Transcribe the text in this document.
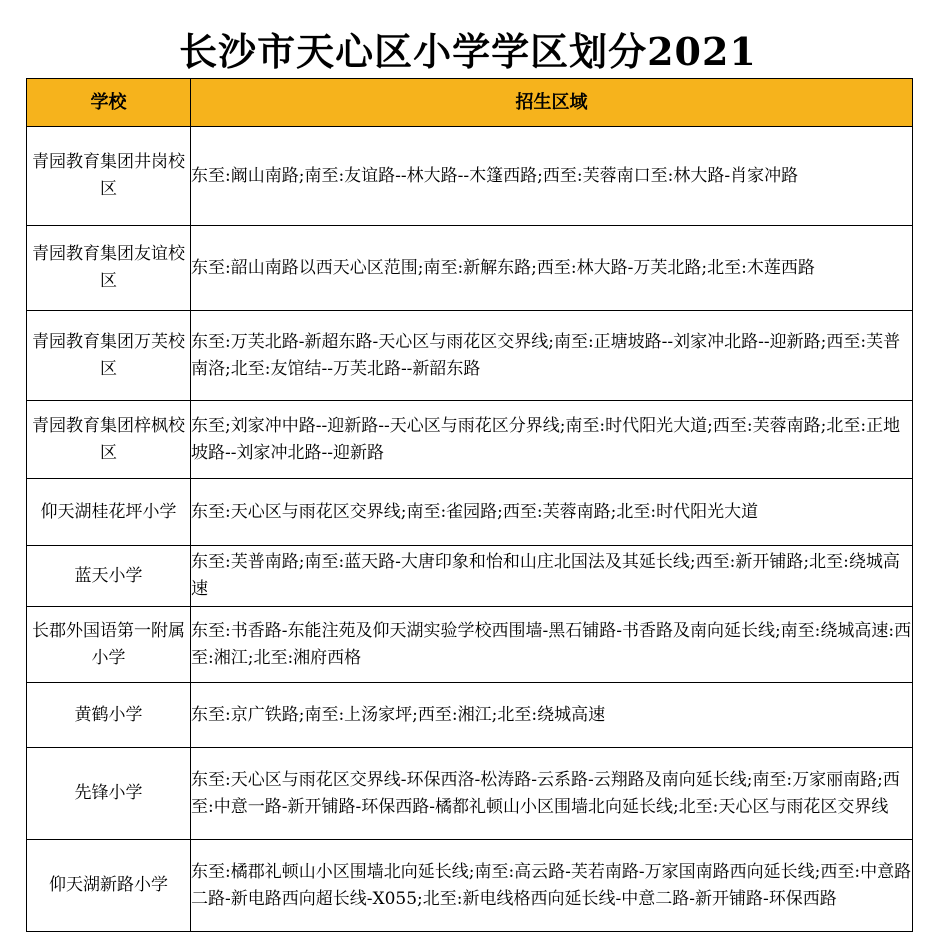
长沙市天心区小学学区划分2021
学校	招生区域
青园教育集团井岗校区	东至:阚山南路;南至:友谊路--林大路--木篷西路;西至:芙蓉南口至:林大路-肖家冲路
青园教育集团友谊校区	东至:韶山南路以西天心区范围;南至:新解东路;西至:林大路-万芙北路;北至:木莲西路
青园教育集团万芙校区	东至:万芙北路-新超东路-天心区与雨花区交界线;南至:正塘坡路--刘家冲北路--迎新路;西至:芙普南洛;北至:友馆结--万芙北路--新韶东路
青园教育集团梓枫校区	东至;刘家冲中路--迎新路--天心区与雨花区分界线;南至:时代阳光大道;西至:芙蓉南路;北至:正地坡路--刘家冲北路--迎新路
仰天湖桂花坪小学	东至:天心区与雨花区交界线;南至:雀园路;西至:芙蓉南路;北至:时代阳光大道
蓝天小学	东至:芙普南路;南至:蓝天路-大唐印象和怡和山庄北国法及其延长线;西至:新开铺路;北至:绕城高速
长郡外国语第一附属小学	东至:书香路-东能注苑及仰天湖实验学校西围墙-黑石铺路-书香路及南向延长线;南至:绕城高速:西至:湘江;北至:湘府西格
黄鹤小学	东至:京广铁路;南至:上汤家坪;西至:湘江;北至:绕城高速
先锋小学	东至:天心区与雨花区交界线-环保西洛-松涛路-云系路-云翔路及南向延长线;南至:万家丽南路;西至:中意一路-新开铺路-环保西路-橘都礼顿山小区围墙北向延长线;北至:天心区与雨花区交界线
仰天湖新路小学	东至:橘郡礼顿山小区围墙北向延长线;南至:高云路-芙若南路-万家国南路西向延长线;西至:中意路二路-新电路西向超长线-X055;北至:新电线格西向延长线-中意二路-新开铺路-环保西路
